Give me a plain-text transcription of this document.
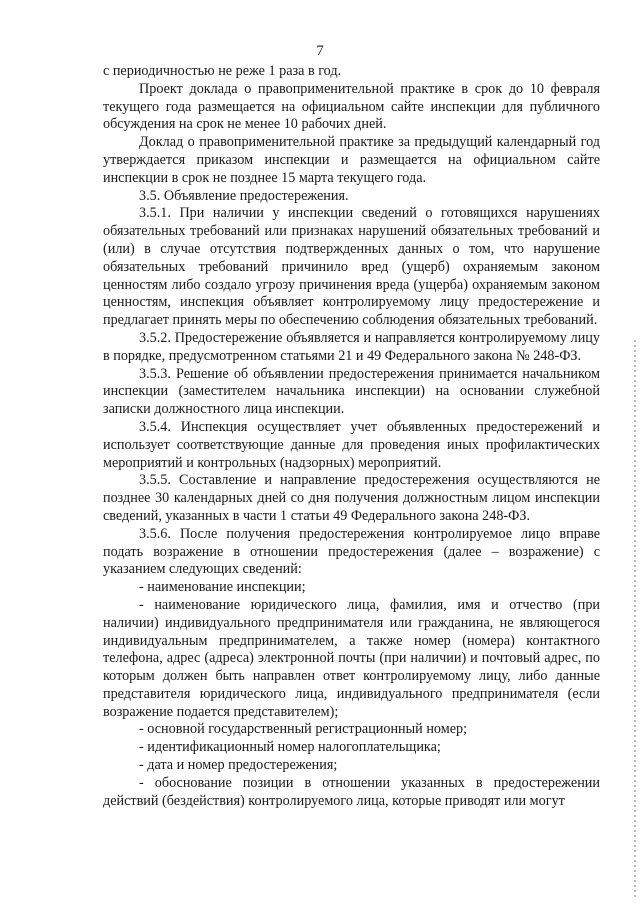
7

с периодичностью не реже 1 раза в год.

Проект доклада о правоприменительной практике в срок до 10 февраля текущего года размещается на официальном сайте инспекции для публичного обсуждения на срок не менее 10 рабочих дней.

Доклад о правоприменительной практике за предыдущий календарный год утверждается приказом инспекции и размещается на официальном сайте инспекции в срок не позднее 15 марта текущего года.

3.5. Объявление предостережения.

3.5.1. При наличии у инспекции сведений о готовящихся нарушениях обязательных требований или признаках нарушений обязательных требований и (или) в случае отсутствия подтвержденных данных о том, что нарушение обязательных требований причинило вред (ущерб) охраняемым законом ценностям либо создало угрозу причинения вреда (ущерба) охраняемым законом ценностям, инспекция объявляет контролируемому лицу предостережение и предлагает принять меры по обеспечению соблюдения обязательных требований.

3.5.2. Предостережение объявляется и направляется контролируемому лицу в порядке, предусмотренном статьями 21 и 49 Федерального закона № 248-ФЗ.

3.5.3. Решение об объявлении предостережения принимается начальником инспекции (заместителем начальника инспекции) на основании служебной записки должностного лица инспекции.

3.5.4. Инспекция осуществляет учет объявленных предостережений и использует соответствующие данные для проведения иных профилактических мероприятий и контрольных (надзорных) мероприятий.

3.5.5. Составление и направление предостережения осуществляются не позднее 30 календарных дней со дня получения должностным лицом инспекции сведений, указанных в части 1 статьи 49 Федерального закона 248-ФЗ.

3.5.6. После получения предостережения контролируемое лицо вправе подать возражение в отношении предостережения (далее – возражение) с указанием следующих сведений:

- наименование инспекции;

- наименование юридического лица, фамилия, имя и отчество (при наличии) индивидуального предпринимателя или гражданина, не являющегося индивидуальным предпринимателем, а также номер (номера) контактного телефона, адрес (адреса) электронной почты (при наличии) и почтовый адрес, по которым должен быть направлен ответ контролируемому лицу, либо данные представителя юридического лица, индивидуального предпринимателя (если возражение подается представителем);

- основной государственный регистрационный номер;

- идентификационный номер налогоплательщика;

- дата и номер предостережения;

- обоснование позиции в отношении указанных в предостережении действий (бездействия) контролируемого лица, которые приводят или могут
